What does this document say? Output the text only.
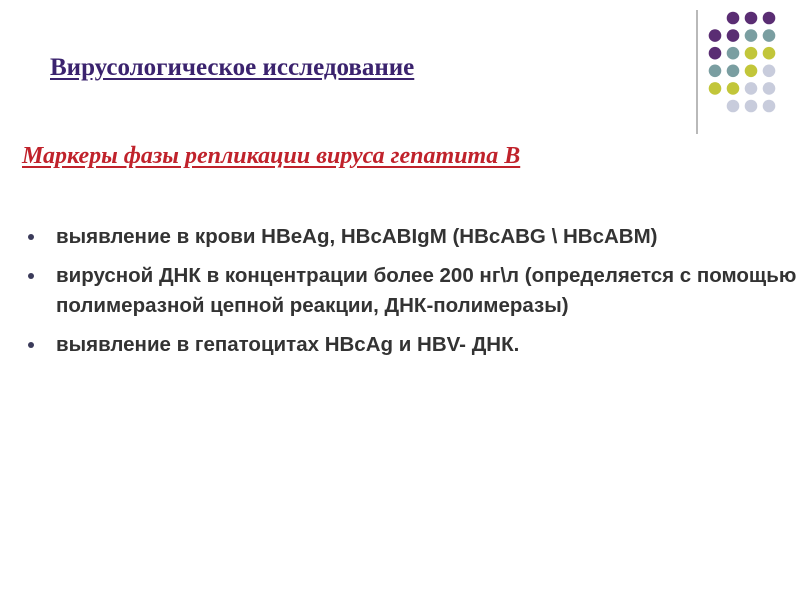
Вирусологическое исследование
Маркеры фазы репликации вируса гепатита В
выявление в крови HBeAg, HBcABIgM (HBcABG \ HBcABM)
вирусной ДНК в концентрации более 200 нг\л (определяется с помощью полимеразной цепной реакции, ДНК-полимеразы)
выявление в гепатоцитах HBcAg и HBV- ДНК.
